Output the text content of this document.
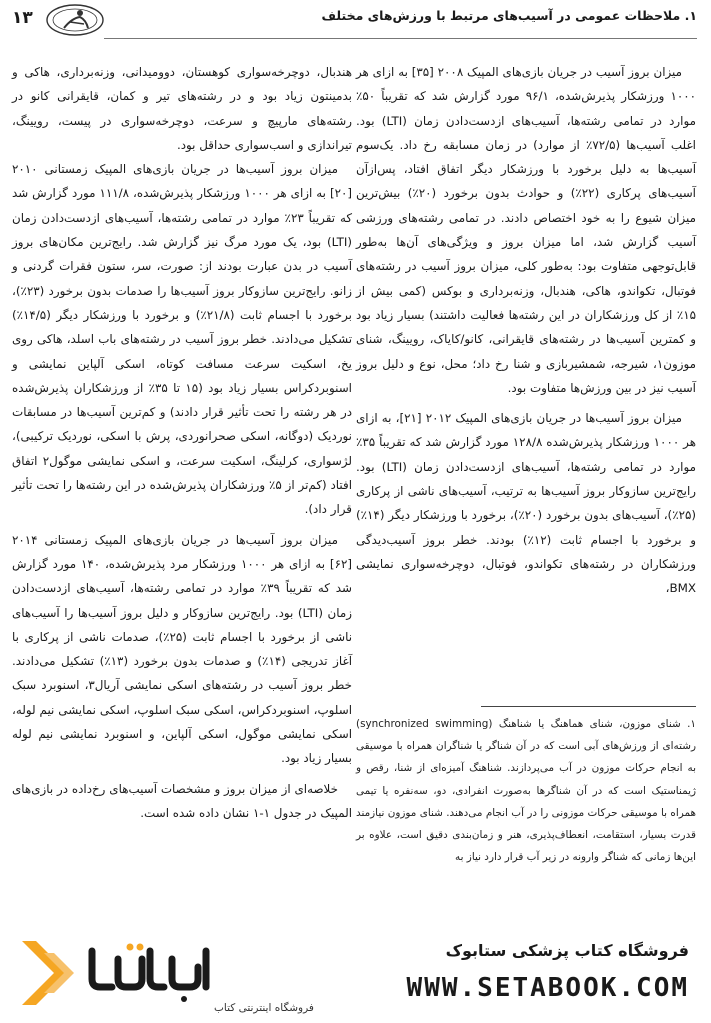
۱۳	۱. ملاحظات عمومی در آسیب‌های مرتبط با ورزش‌های مختلف

میزان بروز آسیب در جریان بازی‌های المپیک ۲۰۰۸ [۳۵] به ازای هر ۱۰۰۰ ورزشکار پذیرش‌شده، ۹۶/۱ مورد گزارش شد که تقریباً ۵۰٪ موارد در تمامی رشته‌ها، آسیب‌های ازدست‌دادن زمان (LTI) بود. اغلب آسیب‌ها (۷۲/۵٪ از موارد) در زمان مسابقه رخ داد. یک‌سوم آسیب‌ها به دلیل برخورد با ورزشکار دیگر اتفاق افتاد، پس‌ازآن آسیب‌های پرکاری (۲۲٪) و حوادث بدون برخورد (۲۰٪) بیش‌ترین میزان شیوع را به خود اختصاص دادند. در تمامی رشته‌های ورزشی آسیب گزارش شد، اما میزان بروز و ویژگی‌های آن‌ها به‌طور قابل‌توجهی متفاوت بود: به‌طور کلی، میزان بروز آسیب در رشته‌های فوتبال، تکواندو، هاکی، هندبال، وزنه‌برداری و بوکس (کمی بیش از ۱۵٪ از کل ورزشکاران در این رشته‌ها فعالیت داشتند) بسیار زیاد بود و کمترین آسیب‌ها در رشته‌های قایقرانی، کانو/کایاک، رویینگ، شنای موزون۱، شیرجه، شمشیربازی و شنا رخ داد؛ محل، نوع و دلیل بروز آسیب نیز در بین ورزش‌ها متفاوت بود.

میزان بروز آسیب‌ها در جریان بازی‌های المپیک ۲۰۱۲ [۲۱]، به ازای هر ۱۰۰۰ ورزشکار پذیرش‌شده ۱۲۸/۸ مورد گزارش شد که تقریباً ۳۵٪ موارد در تمامی رشته‌ها، آسیب‌های ازدست‌دادن زمان (LTI) بود. رایج‌ترین سازوکار بروز آسیب‌ها به ترتیب، آسیب‌های ناشی از پرکاری (۲۵٪)، آسیب‌های بدون برخورد (۲۰٪)، برخورد با ورزشکار دیگر (۱۴٪) و برخورد با اجسام ثابت (۱۲٪) بودند. خطر بروز آسیب‌دیدگی ورزشکاران در رشته‌های تکواندو، فوتبال، دوچرخه‌سواری نمایشی BMX،

هندبال، دوچرخه‌سواری کوهستان، دوومیدانی، وزنه‌برداری، هاکی و بدمینتون زیاد بود و در رشته‌های تیر و کمان، قایقرانی کانو در رشته‌های مارپیچ و سرعت، دوچرخه‌سواری در پیست، رویینگ، تیراندازی و اسب‌سواری حداقل بود.

میزان بروز آسیب‌ها در جریان بازی‌های المپیک زمستانی ۲۰۱۰ [۲۰] به ازای هر ۱۰۰۰ ورزشکار پذیرش‌شده، ۱۱۱/۸ مورد گزارش شد که تقریباً ۲۳٪ موارد در تمامی رشته‌ها، آسیب‌های ازدست‌دادن زمان (LTI) بود، یک مورد مرگ نیز گزارش شد. رایج‌ترین مکان‌های بروز آسیب در بدن عبارت بودند از: صورت، سر، ستون فقرات گردنی و زانو. رایج‌ترین سازوکار بروز آسیب‌ها را صدمات بدون برخورد (۲۳٪)، برخورد با اجسام ثابت (۲۱/۸٪) و برخورد با ورزشکار دیگر (۱۴/۵٪) تشکیل می‌دادند. خطر بروز آسیب در رشته‌های باب اسلد، هاکی روی یخ، اسکیت سرعت مسافت کوتاه، اسکی آلپاین نمایشی و اسنوبردکراس بسیار زیاد بود (۱۵ تا ۳۵٪ از ورزشکاران پذیرش‌شده در هر رشته را تحت تأثیر قرار دادند) و کم‌ترین آسیب‌ها در مسابقات نوردیک (دوگانه، اسکی صحرانوردی، پرش با اسکی، نوردیک ترکیبی)، لژسواری، کرلینگ، اسکیت سرعت، و اسکی نمایشی موگول۲ اتفاق افتاد (کم‌تر از ۵٪ ورزشکاران پذیرش‌شده در این رشته‌ها را تحت تأثیر قرار داد).

میزان بروز آسیب‌ها در جریان بازی‌های المپیک زمستانی ۲۰۱۴ [۶۲] به ازای هر ۱۰۰۰ ورزشکار مرد پذیرش‌شده، ۱۴۰ مورد گزارش شد که تقریباً ۳۹٪ موارد در تمامی رشته‌ها، آسیب‌های ازدست‌دادن زمان (LTI) بود. رایج‌ترین سازوکار و دلیل بروز آسیب‌ها را آسیب‌های ناشی از برخورد با اجسام ثابت (۲۵٪)، صدمات ناشی از پرکاری با آغاز تدریجی (۱۴٪) و صدمات بدون برخورد (۱۳٪) تشکیل می‌دادند. خطر بروز آسیب در رشته‌های اسکی نمایشی آریال۳، اسنوبرد سبک اسلوپ، اسنوبردکراس، اسکی سبک اسلوپ، اسکی نمایشی نیم لوله، اسکی نمایشی موگول، اسکی آلپاین، و اسنوبرد نمایشی نیم لوله بسیار زیاد بود.

خلاصه‌ای از میزان بروز و مشخصات آسیب‌های رخ‌داده در بازی‌های المپیک در جدول ۱-۱ نشان داده شده است.

۱. شنای موزون، شنای هماهنگ یا شناهنگ (synchronized swimming) رشته‌ای از ورزش‌های آبی است که در آن شناگر یا شناگران همراه با موسیقی به انجام حرکات موزون در آب می‌پردازند. شناهنگ آمیزه‌ای از شنا، رقص و ژیمناستیک است که در آن شناگرها به‌صورت انفرادی، دو، سه‌نفره یا تیمی همراه با موسیقی حرکات موزونی را در آب انجام می‌دهند. شنای موزون نیازمند قدرت بسیار، استقامت، انعطاف‌پذیری، هنر و زمان‌بندی دقیق است، علاوه بر این‌ها زمانی که شناگر وارونه در زیر آب قرار دارد نیاز به
فروشگاه اینترنتی کتاب
فروشگاه کتاب پزشکی ستابوک
WWW.SETABOOK.COM
